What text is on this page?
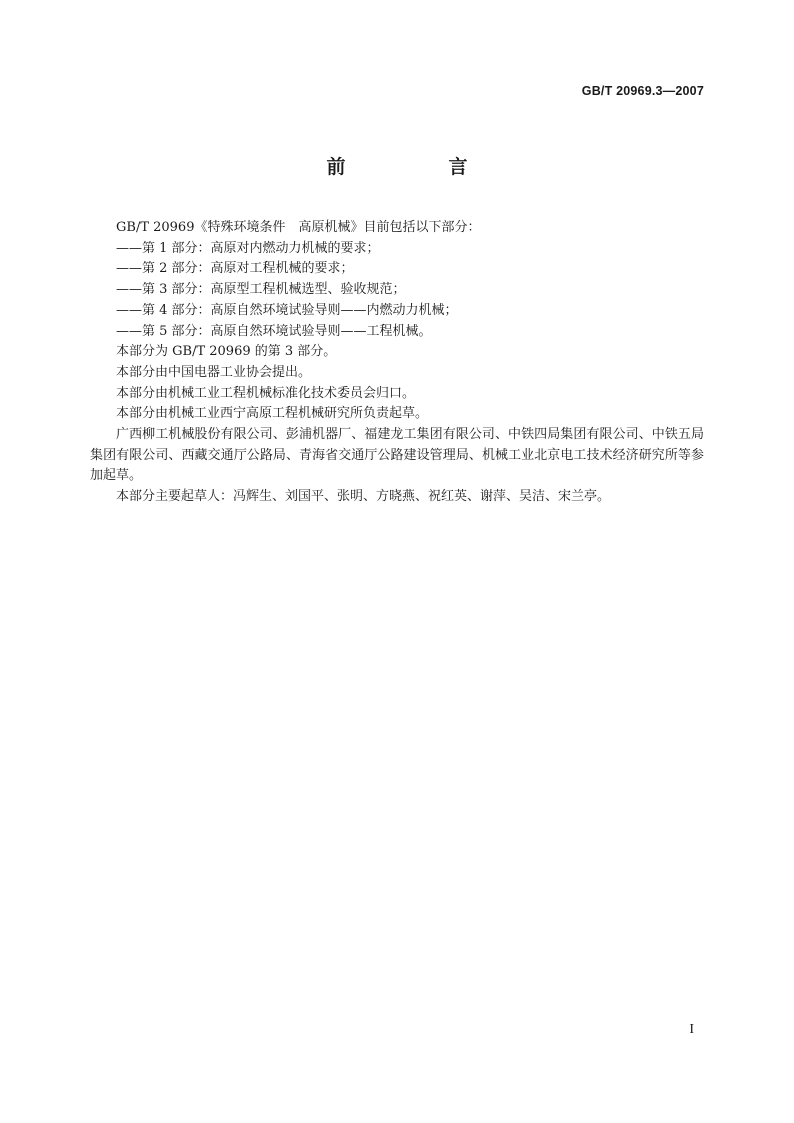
GB/T 20969.3—2007
前　言

GB/T 20969《特殊环境条件　高原机械》目前包括以下部分：

——第 1 部分：高原对内燃动力机械的要求；

——第 2 部分：高原对工程机械的要求；

——第 3 部分：高原型工程机械选型、验收规范；

——第 4 部分：高原自然环境试验导则——内燃动力机械；

——第 5 部分：高原自然环境试验导则——工程机械。

本部分为 GB/T 20969 的第 3 部分。

本部分由中国电器工业协会提出。

本部分由机械工业工程机械标准化技术委员会归口。

本部分由机械工业西宁高原工程机械研究所负责起草。

广西柳工机械股份有限公司、彭浦机器厂、福建龙工集团有限公司、中铁四局集团有限公司、中铁五局集团有限公司、西藏交通厅公路局、青海省交通厅公路建设管理局、机械工业北京电工技术经济研究所等参加起草。

本部分主要起草人：冯辉生、刘国平、张明、方晓燕、祝红英、谢萍、吴洁、宋兰亭。

I
